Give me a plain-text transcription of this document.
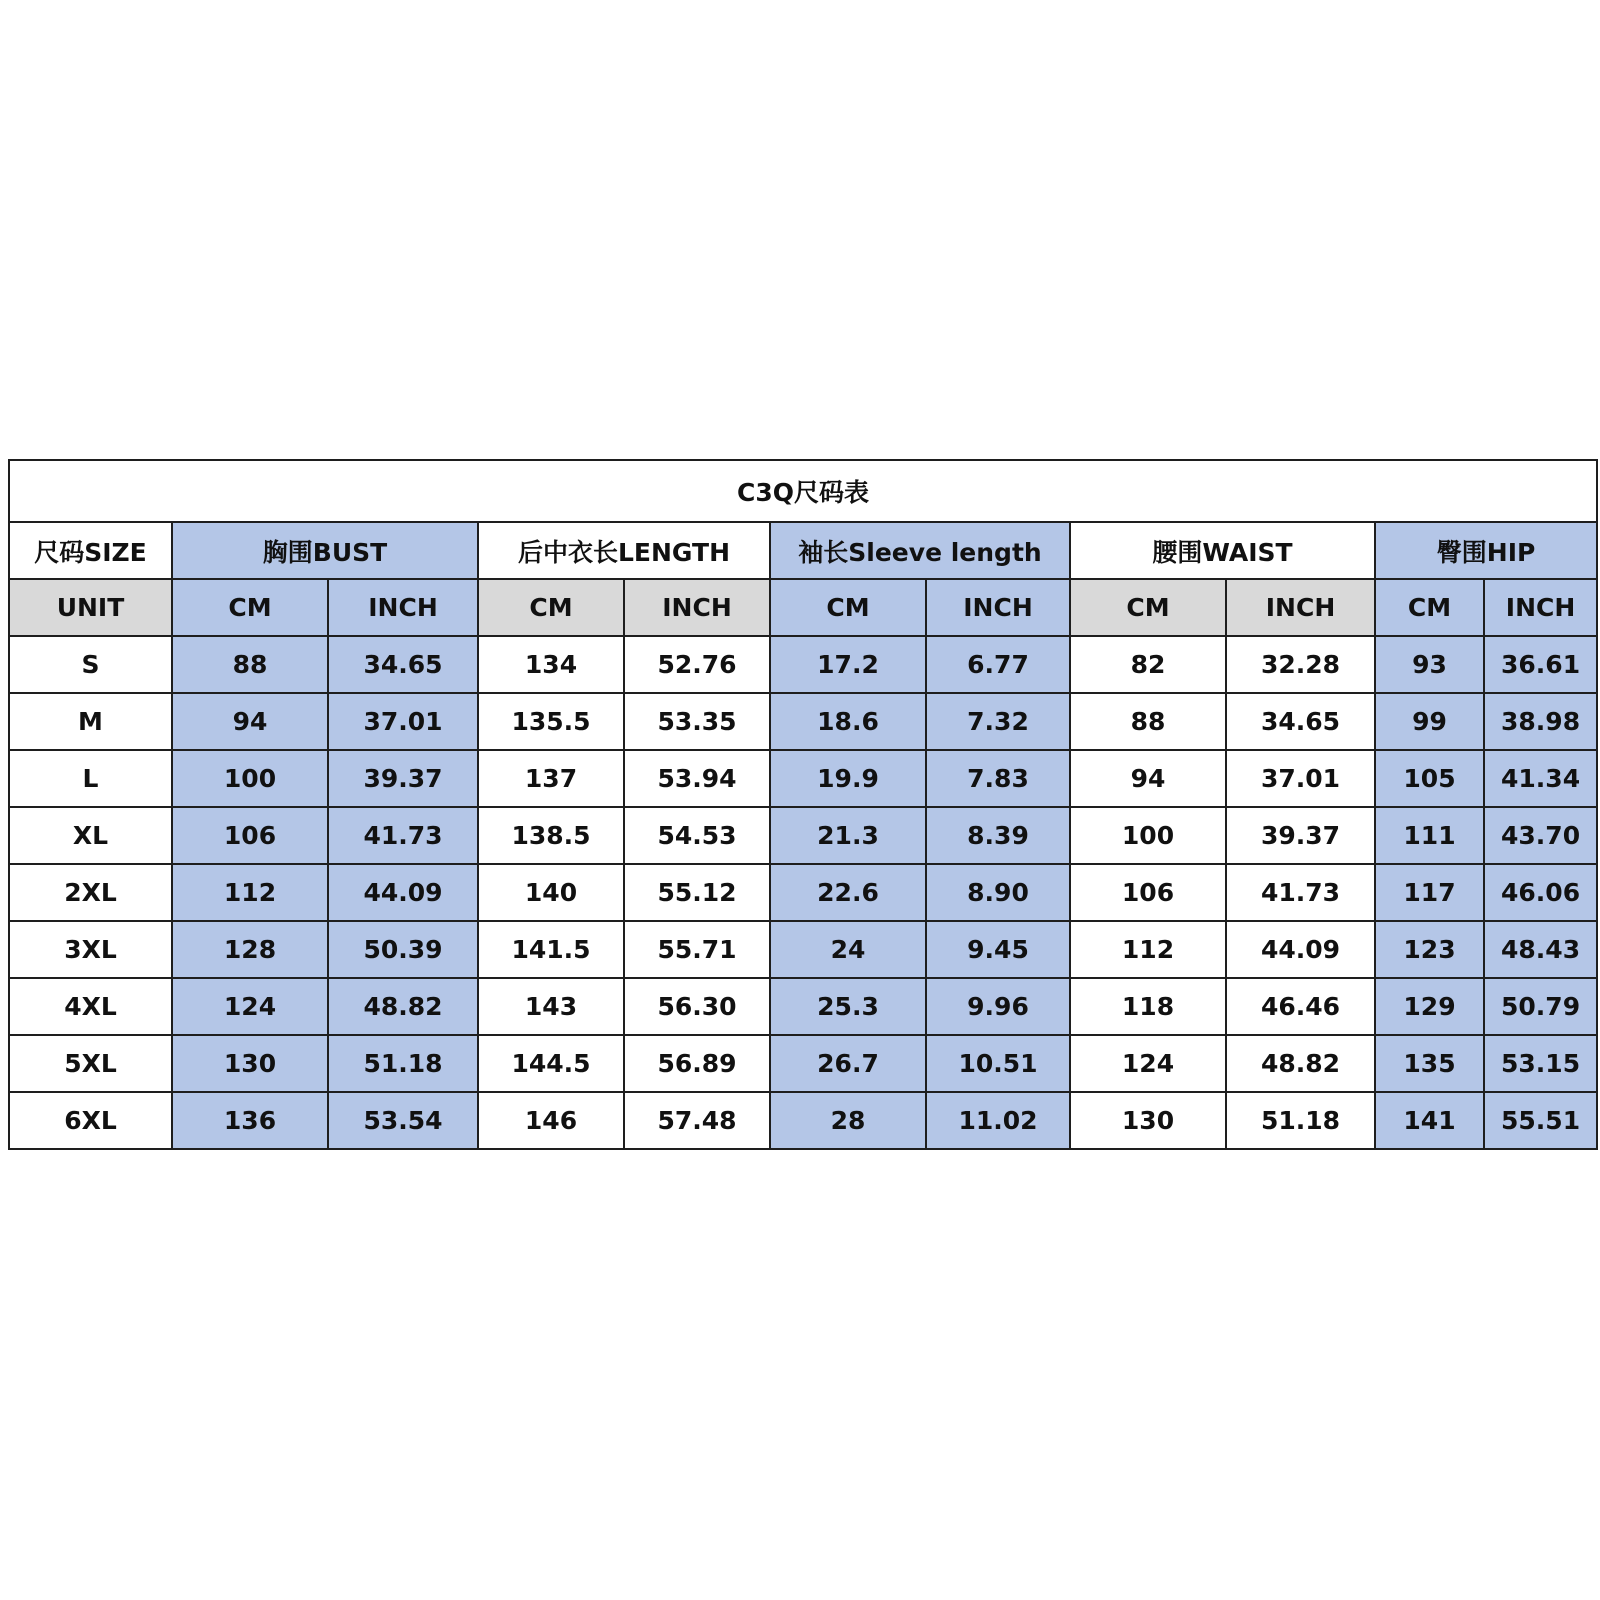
C3Q尺码表										
尺码SIZE	胸围BUST		后中衣长LENGTH		袖长Sleeve length		腰围WAIST		臀围HIP	
UNIT	CM	INCH	CM	INCH	CM	INCH	CM	INCH	CM	INCH
S	88	34.65	134	52.76	17.2	6.77	82	32.28	93	36.61
M	94	37.01	135.5	53.35	18.6	7.32	88	34.65	99	38.98
L	100	39.37	137	53.94	19.9	7.83	94	37.01	105	41.34
XL	106	41.73	138.5	54.53	21.3	8.39	100	39.37	111	43.70
2XL	112	44.09	140	55.12	22.6	8.90	106	41.73	117	46.06
3XL	128	50.39	141.5	55.71	24	9.45	112	44.09	123	48.43
4XL	124	48.82	143	56.30	25.3	9.96	118	46.46	129	50.79
5XL	130	51.18	144.5	56.89	26.7	10.51	124	48.82	135	53.15
6XL	136	53.54	146	57.48	28	11.02	130	51.18	141	55.51
